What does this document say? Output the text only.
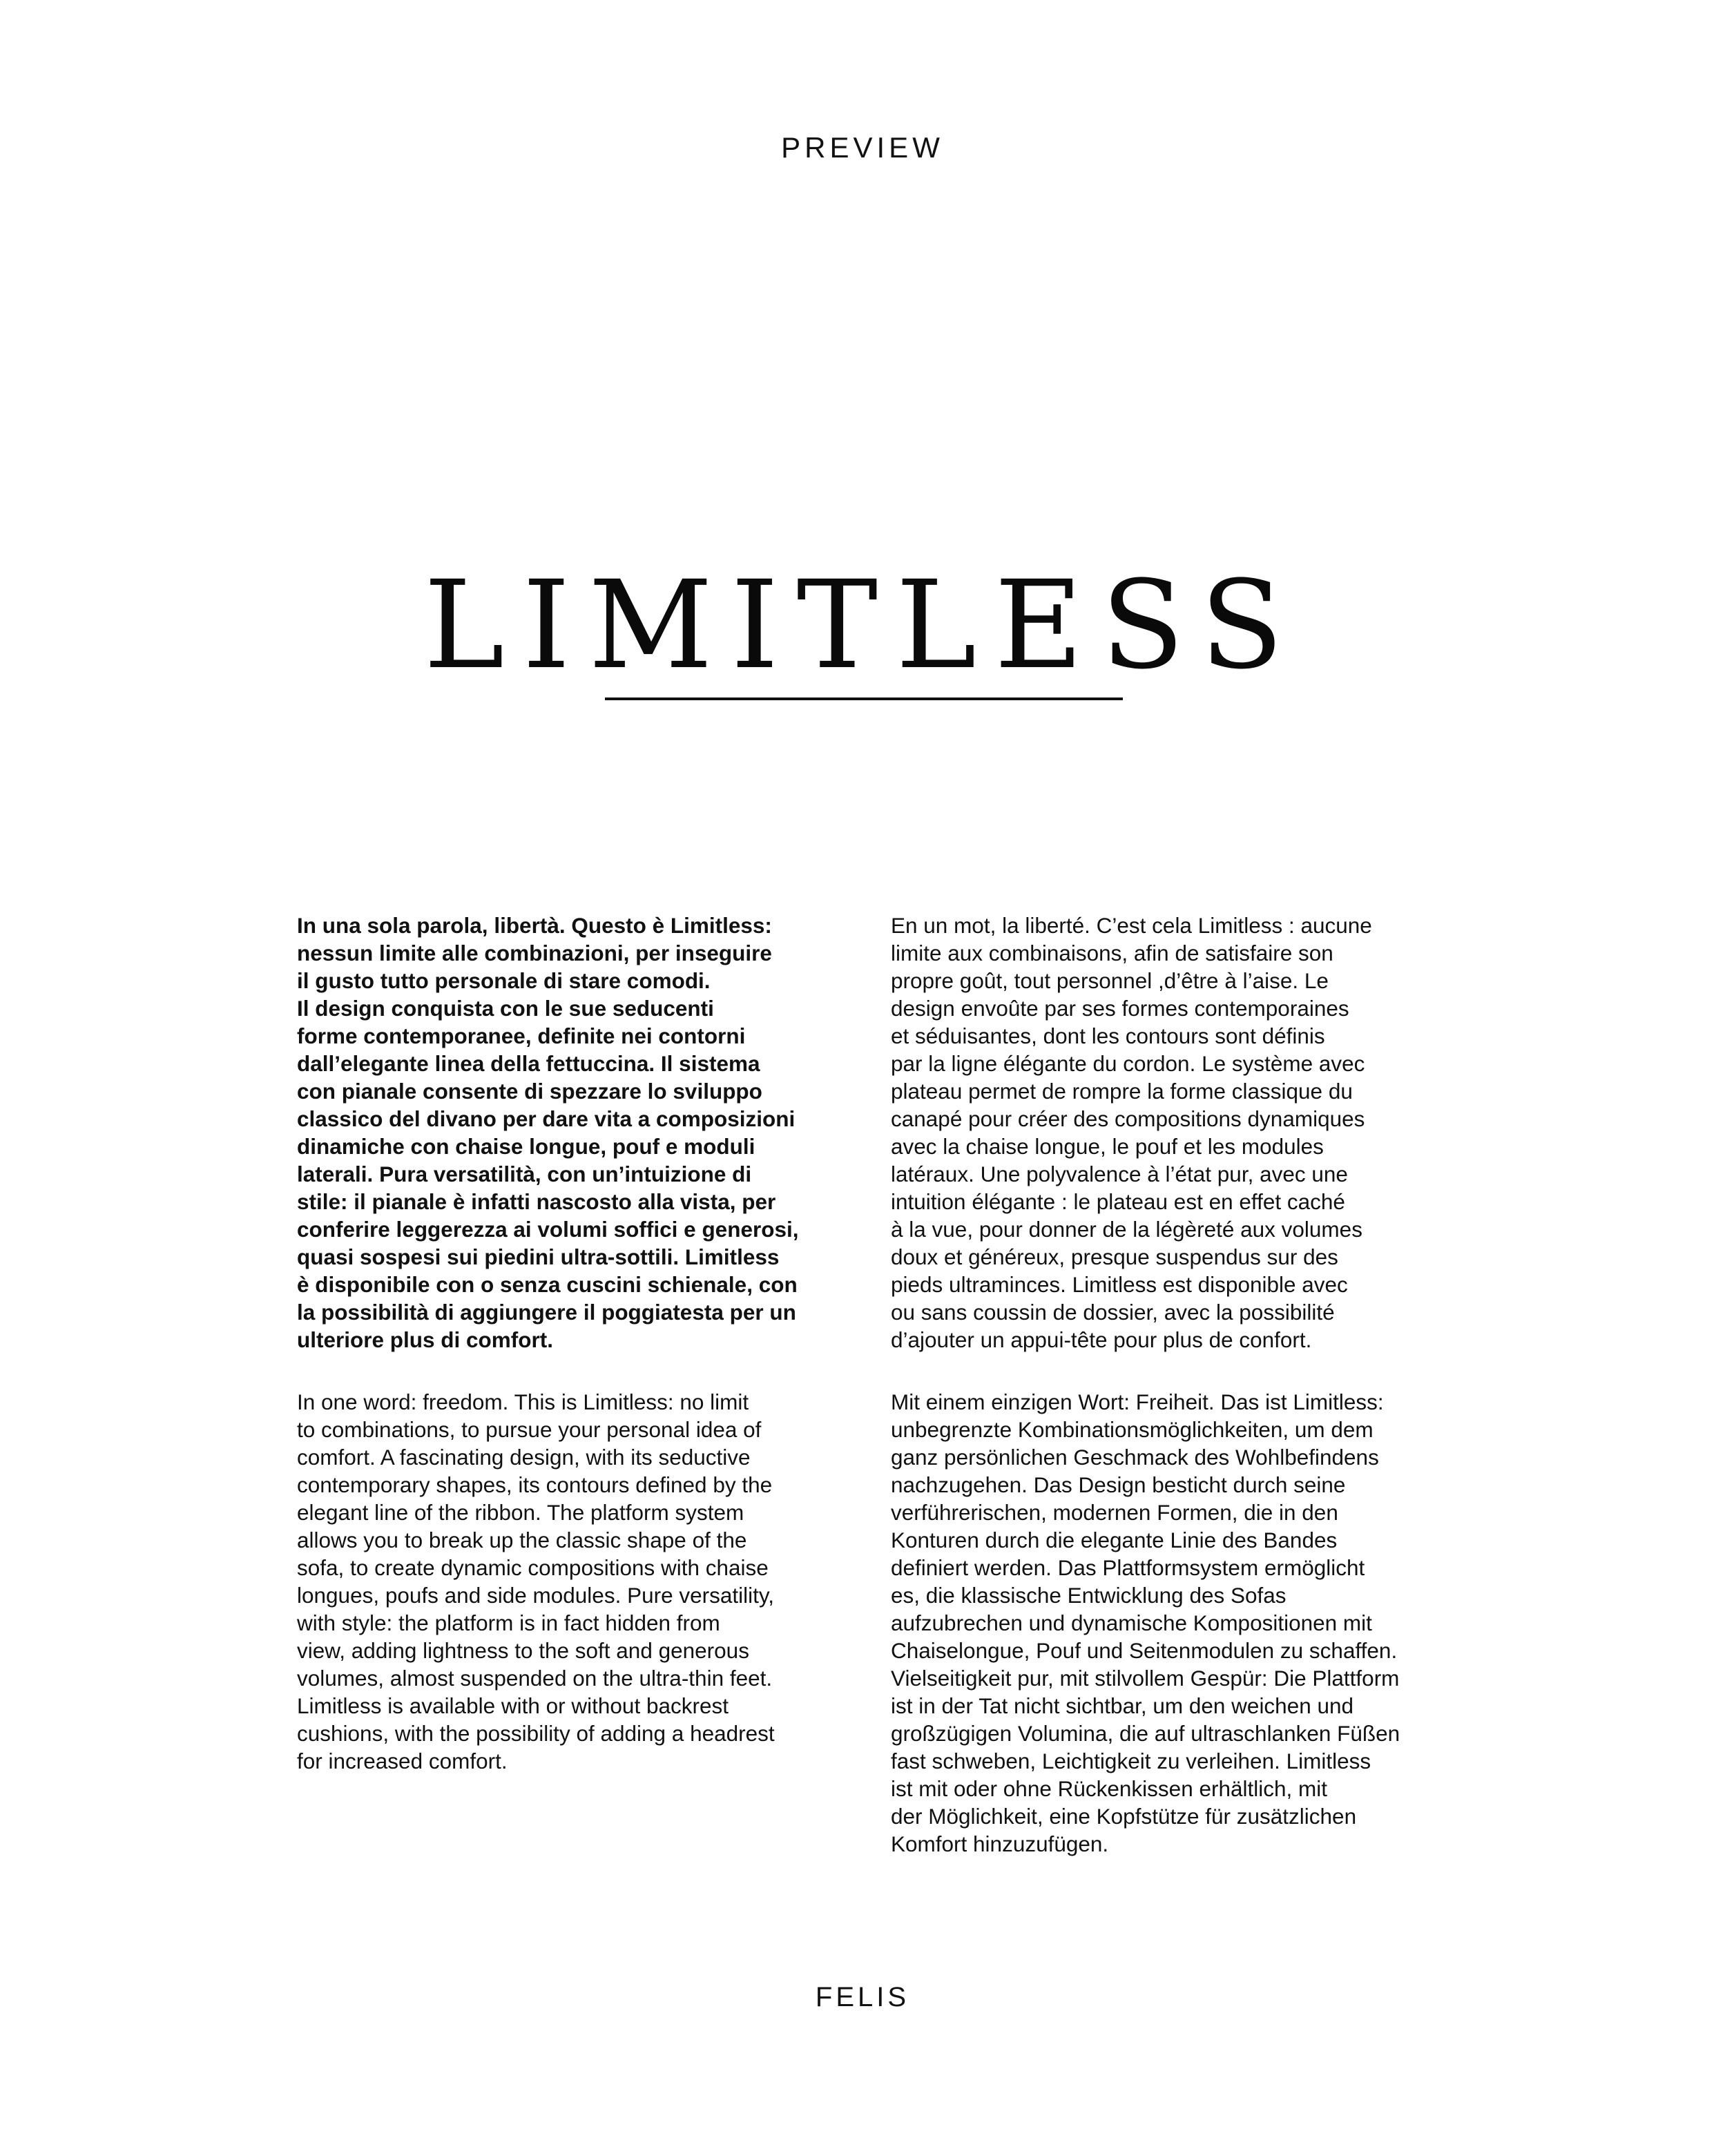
PREVIEW
LIMITLESS

In una sola parola, libertà. Questo è Limitless:
nessun limite alle combinazioni, per inseguire
il gusto tutto personale di stare comodi.
Il design conquista con le sue seducenti
forme contemporanee, definite nei contorni
dall’elegante linea della fettuccina. Il sistema
con pianale consente di spezzare lo sviluppo
classico del divano per dare vita a composizioni
dinamiche con chaise longue, pouf e moduli
laterali. Pura versatilità, con un’intuizione di
stile: il pianale è infatti nascosto alla vista, per
conferire leggerezza ai volumi soffici e generosi,
quasi sospesi sui piedini ultra-sottili. Limitless
è disponibile con o senza cuscini schienale, con
la possibilità di aggiungere il poggiatesta per un
ulteriore plus di comfort.

En un mot, la liberté. C’est cela Limitless : aucune
limite aux combinaisons, afin de satisfaire son
propre goût, tout personnel ,d’être à l’aise. Le
design envoûte par ses formes contemporaines
et séduisantes, dont les contours sont définis
par la ligne élégante du cordon. Le système avec
plateau permet de rompre la forme classique du
canapé pour créer des compositions dynamiques
avec la chaise longue, le pouf et les modules
latéraux. Une polyvalence à l’état pur, avec une
intuition élégante : le plateau est en effet caché
à la vue, pour donner de la légèreté aux volumes
doux et généreux, presque suspendus sur des
pieds ultraminces. Limitless est disponible avec
ou sans coussin de dossier, avec la possibilité
d’ajouter un appui-tête pour plus de confort.

In one word: freedom. This is Limitless: no limit
to combinations, to pursue your personal idea of
comfort. A fascinating design, with its seductive
contemporary shapes, its contours defined by the
elegant line of the ribbon. The platform system
allows you to break up the classic shape of the
sofa, to create dynamic compositions with chaise
longues, poufs and side modules. Pure versatility,
with style: the platform is in fact hidden from
view, adding lightness to the soft and generous
volumes, almost suspended on the ultra-thin feet.
Limitless is available with or without backrest
cushions, with the possibility of adding a headrest
for increased comfort.

Mit einem einzigen Wort: Freiheit. Das ist Limitless:
unbegrenzte Kombinationsmöglichkeiten, um dem
ganz persönlichen Geschmack des Wohlbefindens
nachzugehen. Das Design besticht durch seine
verführerischen, modernen Formen, die in den
Konturen durch die elegante Linie des Bandes
definiert werden. Das Plattformsystem ermöglicht
es, die klassische Entwicklung des Sofas
aufzubrechen und dynamische Kompositionen mit
Chaiselongue, Pouf und Seitenmodulen zu schaffen.
Vielseitigkeit pur, mit stilvollem Gespür: Die Plattform
ist in der Tat nicht sichtbar, um den weichen und
großzügigen Volumina, die auf ultraschlanken Füßen
fast schweben, Leichtigkeit zu verleihen. Limitless
ist mit oder ohne Rückenkissen erhältlich, mit
der Möglichkeit, eine Kopfstütze für zusätzlichen
Komfort hinzuzufügen.

FELIS
